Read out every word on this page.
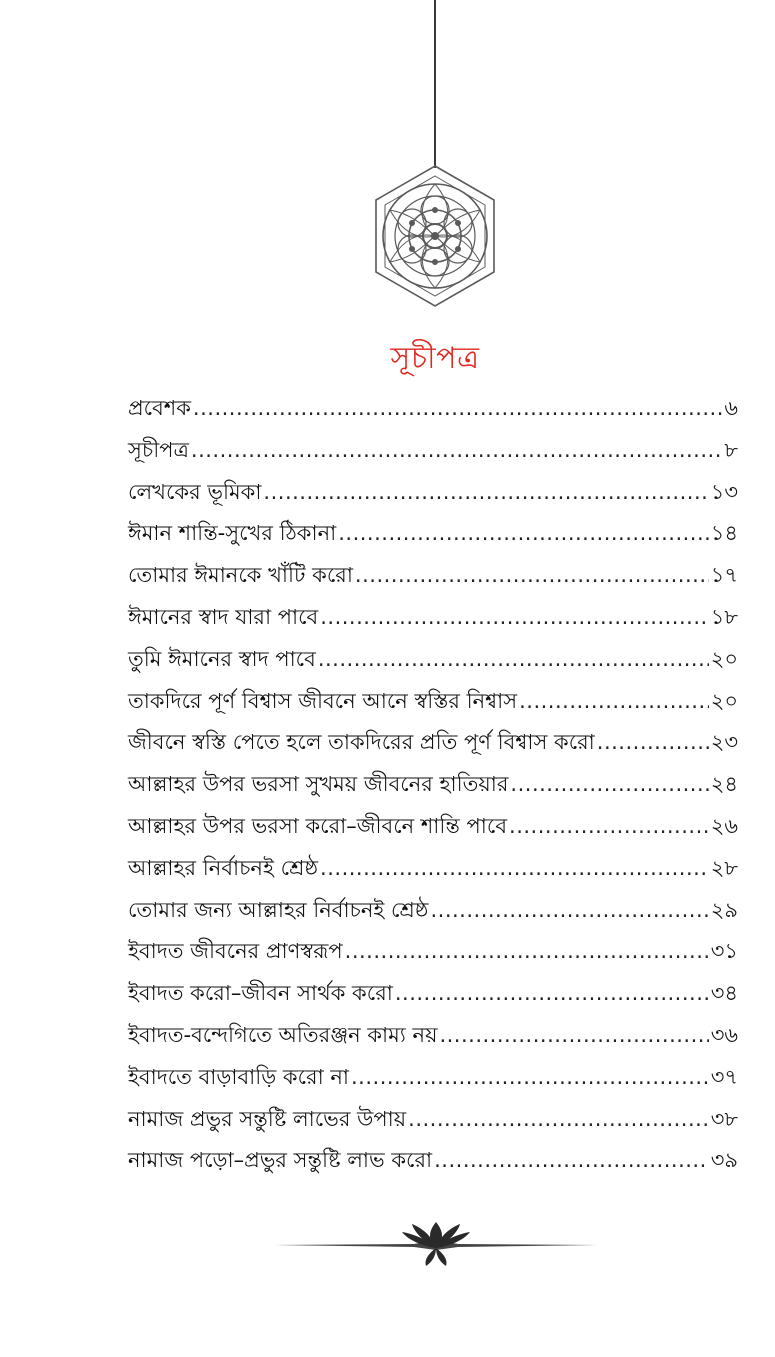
সূচীপত্র
প্রবেশক .....	৬
সূচীপত্র .....	৮
লেখকের ভূমিকা .....	১৩
ঈমান শান্তি-সুখের ঠিকানা .....	১৪
তোমার ঈমানকে খাঁটি করো .....	১৭
ঈমানের স্বাদ যারা পাবে .....	১৮
তুমি ঈমানের স্বাদ পাবে .....	২০
তাকদিরে পূর্ণ বিশ্বাস জীবনে আনে স্বস্তির নিশ্বাস .....	২০
জীবনে স্বস্তি পেতে হলে তাকদিরের প্রতি পূর্ণ বিশ্বাস করো .....	২৩
আল্লাহর উপর ভরসা সুখময় জীবনের হাতিয়ার .....	২৪
আল্লাহর উপর ভরসা করো–জীবনে শান্তি পাবে .....	২৬
আল্লাহর নির্বাচনই শ্রেষ্ঠ .....	২৮
তোমার জন্য আল্লাহর নির্বাচনই শ্রেষ্ঠ .....	২৯
ইবাদত জীবনের প্রাণস্বরূপ .....	৩১
ইবাদত করো–জীবন সার্থক করো .....	৩৪
ইবাদত-বন্দেগিতে অতিরঞ্জন কাম্য নয় .....	৩৬
ইবাদতে বাড়াবাড়ি করো না .....	৩৭
নামাজ প্রভুর সন্তুষ্টি লাভের উপায় .....	৩৮
নামাজ পড়ো–প্রভুর সন্তুষ্টি লাভ করো .....	৩৯
